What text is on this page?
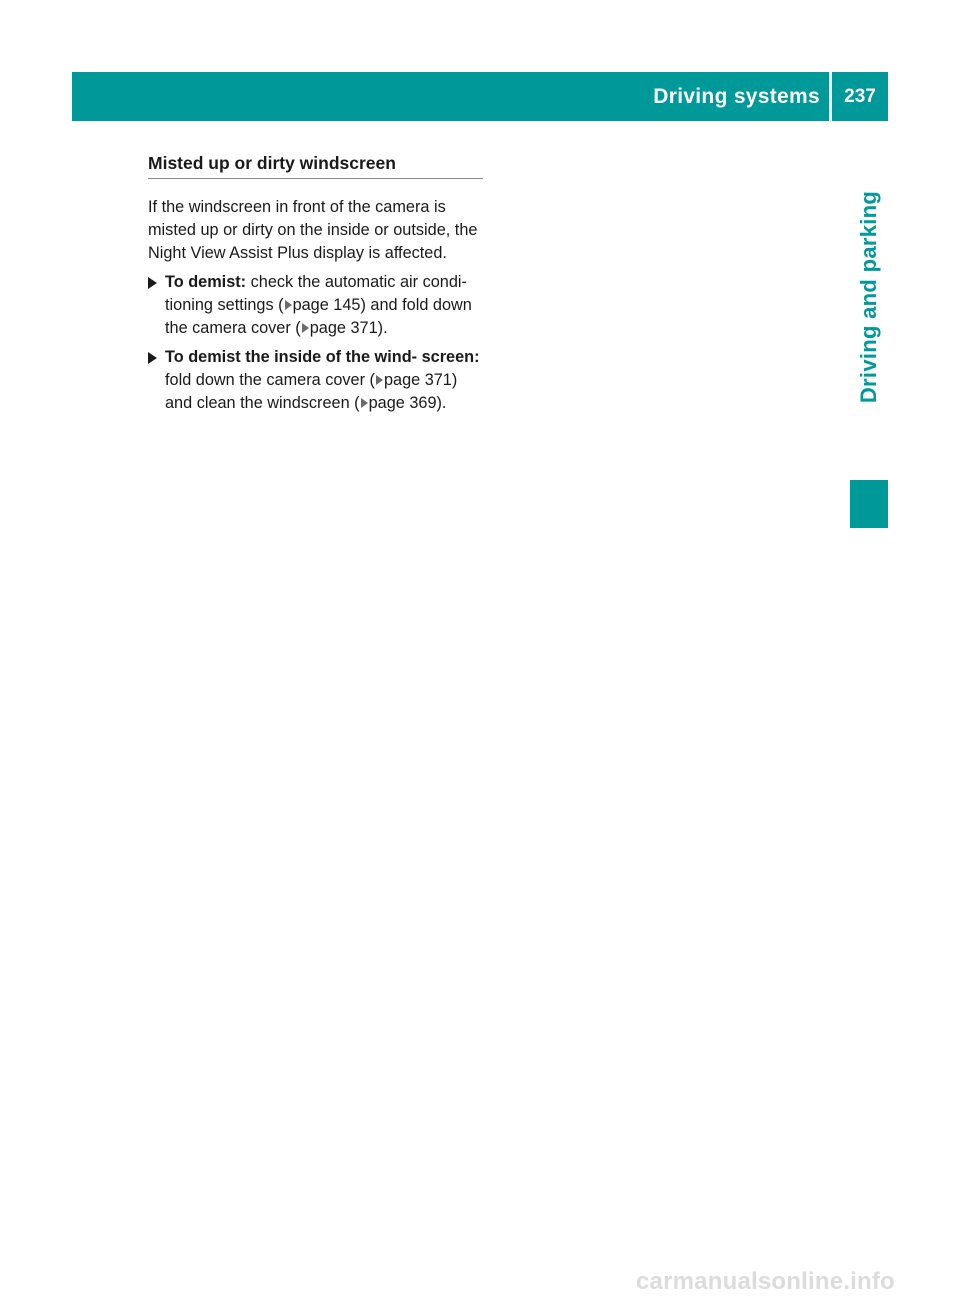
Driving systems	237
Driving and parking
Misted up or dirty windscreen

If the windscreen in front of the camera is misted up or dirty on the inside or outside, the Night View Assist Plus display is affected.

To demist: check the automatic air condi- tioning settings ( page 145) and fold down the camera cover ( page 371).
To demist the inside of the wind- screen: fold down the camera cover ( page 371) and clean the windscreen ( page 369).
carmanualsonline.info
